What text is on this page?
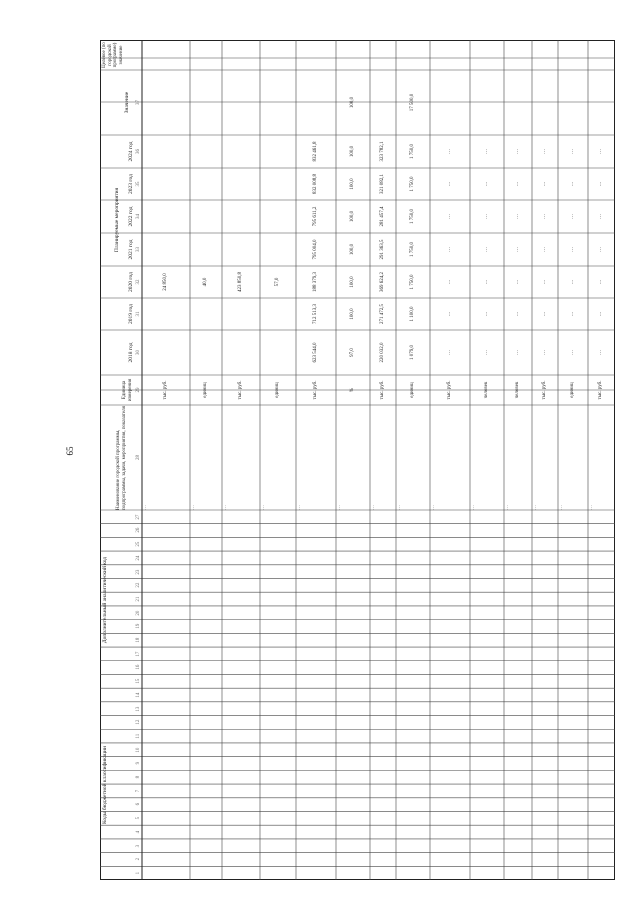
65
Целевое (по городской программе) значение
Планируемые мероприятия
Дополнительный аналитический код
Коды бюджетной классификации
2018 год
2019 год
2020 год
2021 год
2022 год
2023 год
2024 год
Значение
Единица измерения
Наименование городской программы, подпрограммы, задачи, мероприятия, показателя
29
30
31
32
33
34
35
36
37
28
1
2
3
4
5
6
7
8
9
10
11
12
13
14
15
16
17
18
19
20
21
22
23
24
25
26
27
…
тыс. руб.
24 850,0
…
единиц
40,0
…
тыс. руб.
423 850,8
…
единиц
57,0
…
тыс. руб.
623 544,0
712 513,3
188 379,3
795 004,0
795 611,2
832 008,8
832 461,8
…
%
97,0
100,0
100,0
100,0
100,0
100,0
100,0
100,0
…
тыс. руб.
220 032,0
271 472,5
369 624,2
291 363,5
281 457,4
321 082,1
323 782,1
…
единиц
1 079,0
1 100,0
1 750,0
1 750,0
1 750,0
1 750,0
1 750,0
17 500,0
…
тыс. руб.
…
…
…
…
…
…
…
…
человек
…
…
…
…
…
…
…
…
человек
…
…
…
…
…
…
…
…
тыс. руб.
…
…
…
…
…
…
…
…
единиц
…
…
…
…
…
…
…
…
тыс. руб.
…
…
…
…
…
…
…
